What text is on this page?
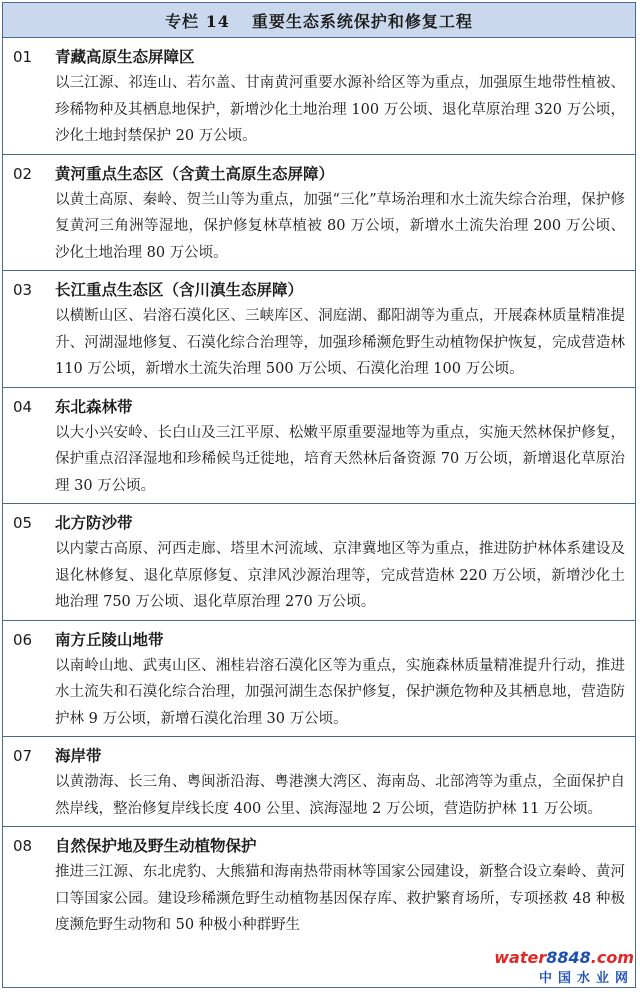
专栏 14 重要生态系统保护和修复工程
01	青藏高原生态屏障区
以三江源、祁连山、若尔盖、甘南黄河重要水源补给区等为重点，加强原生地带性植被、珍稀物种及其栖息地保护，新增沙化土地治理 100 万公顷、退化草原治理 320 万公顷，沙化土地封禁保护 20 万公顷。
02	黄河重点生态区（含黄土高原生态屏障）
以黄土高原、秦岭、贺兰山等为重点，加强“三化”草场治理和水土流失综合治理，保护修复黄河三角洲等湿地，保护修复林草植被 80 万公顷，新增水土流失治理 200 万公顷、沙化土地治理 80 万公顷。
03	长江重点生态区（含川滇生态屏障）
以横断山区、岩溶石漠化区、三峡库区、洞庭湖、鄱阳湖等为重点，开展森林质量精准提升、河湖湿地修复、石漠化综合治理等，加强珍稀濒危野生动植物保护恢复，完成营造林 110 万公顷，新增水土流失治理 500 万公顷、石漠化治理 100 万公顷。
04	东北森林带
以大小兴安岭、长白山及三江平原、松嫩平原重要湿地等为重点，实施天然林保护修复，保护重点沼泽湿地和珍稀候鸟迁徙地，培育天然林后备资源 70 万公顷，新增退化草原治理 30 万公顷。
05	北方防沙带
以内蒙古高原、河西走廊、塔里木河流域、京津冀地区等为重点，推进防护林体系建设及退化林修复、退化草原修复、京津风沙源治理等，完成营造林 220 万公顷，新增沙化土地治理 750 万公顷、退化草原治理 270 万公顷。
06	南方丘陵山地带
以南岭山地、武夷山区、湘桂岩溶石漠化区等为重点，实施森林质量精准提升行动，推进水土流失和石漠化综合治理，加强河湖生态保护修复，保护濒危物种及其栖息地，营造防护林 9 万公顷，新增石漠化治理 30 万公顷。
07	海岸带
以黄渤海、长三角、粤闽浙沿海、粤港澳大湾区、海南岛、北部湾等为重点，全面保护自然岸线，整治修复岸线长度 400 公里、滨海湿地 2 万公顷，营造防护林 11 万公顷。
08	自然保护地及野生动植物保护
推进三江源、东北虎豹、大熊猫和海南热带雨林等国家公园建设，新整合设立秦岭、黄河口等国家公园。建设珍稀濒危野生动植物基因保存库、救护繁育场所，专项拯救 48 种极度濒危野生动物和 50 种极小种群野生
water8848.com
中国水业网
